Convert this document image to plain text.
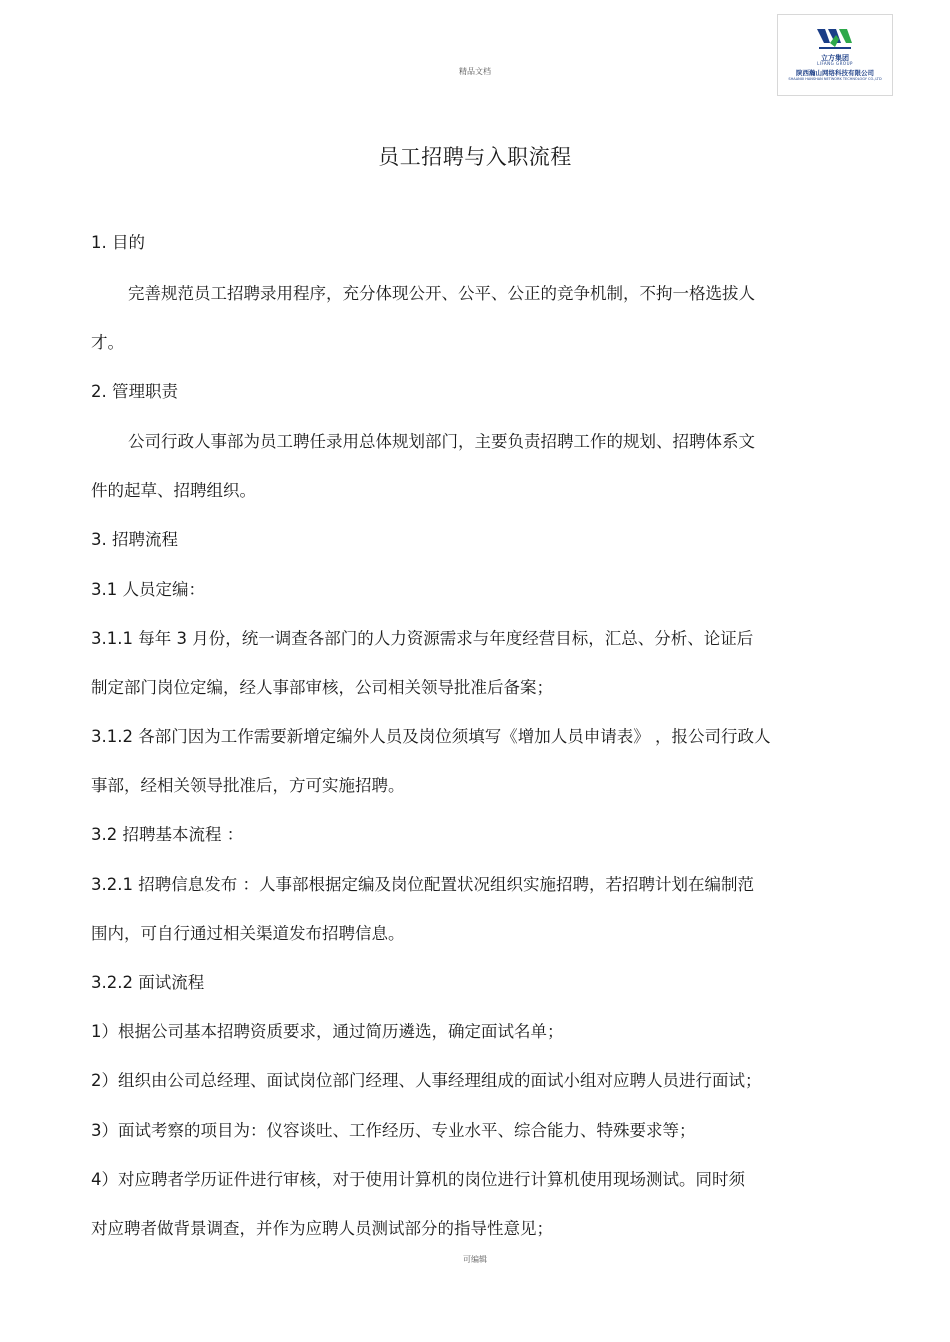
精品文档
立方集团
LIFANG GROUP
陕西瀚山网络科技有限公司
SHAANXI HANSHAN NETWORK TECHNOLOGY CO.,LTD
员工招聘与入职流程
1. 目的
完善规范员工招聘录用程序，充分体现公开、公平、公正的竞争机制，不拘一格选拔人
才。
2. 管理职责
公司行政人事部为员工聘任录用总体规划部门，主要负责招聘工作的规划、招聘体系文
件的起草、招聘组织。
3. 招聘流程
3.1 人员定编：
3.1.1 每年 3 月份，统一调查各部门的人力资源需求与年度经营目标，汇总、分析、论证后
制定部门岗位定编，经人事部审核，公司相关领导批准后备案；
3.1.2 各部门因为工作需要新增定编外人员及岗位须填写《增加人员申请表》 ，报公司行政人
事部，经相关领导批准后，方可实施招聘。
3.2 招聘基本流程 ：
3.2.1 招聘信息发布 ：人事部根据定编及岗位配置状况组织实施招聘，若招聘计划在编制范
围内，可自行通过相关渠道发布招聘信息。
3.2.2 面试流程
1）根据公司基本招聘资质要求，通过简历遴选，确定面试名单；
2）组织由公司总经理、面试岗位部门经理、人事经理组成的面试小组对应聘人员进行面试；
3）面试考察的项目为：仪容谈吐、工作经历、专业水平、综合能力、特殊要求等；
4）对应聘者学历证件进行审核，对于使用计算机的岗位进行计算机使用现场测试。同时须
对应聘者做背景调查，并作为应聘人员测试部分的指导性意见；
可编辑
